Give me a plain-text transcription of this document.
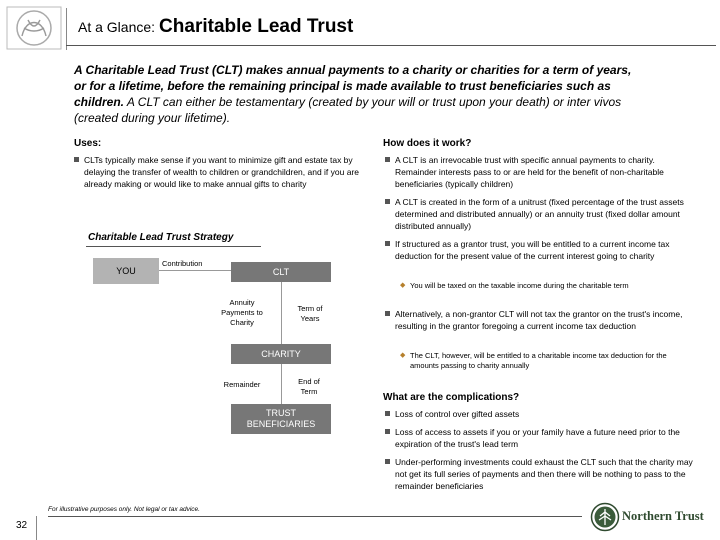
At a Glance: Charitable Lead Trust
A Charitable Lead Trust (CLT) makes annual payments to a charity or charities for a term of years, or for a lifetime, before the remaining principal is made available to trust beneficiaries such as children. A CLT can either be testamentary (created by your will or trust upon your death) or inter vivos (created during your lifetime).
Uses:
CLTs typically make sense if you want to minimize gift and estate tax by delaying the transfer of wealth to children or grandchildren, and if you are already making or would like to make annual gifts to charity
Charitable Lead Trust Strategy
YOU
Contribution
CLT
Annuity Payments to Charity
Term of Years
CHARITY
Remainder	End of Term
TRUST BENEFICIARIES
How does it work?
A CLT is an irrevocable trust with specific annual payments to charity. Remainder interests pass to or are held for the benefit of non-charitable beneficiaries (typically children)
A CLT is created in the form of a unitrust (fixed percentage of the trust assets determined and distributed annually) or an annuity trust (fixed dollar amount distributed annually)
If structured as a grantor trust, you will be entitled to a current income tax deduction for the present value of the current interest going to charity
◆ You will be taxed on the taxable income during the charitable term
Alternatively, a non-grantor CLT will not tax the grantor on the trust's income, resulting in the grantor foregoing a current income tax deduction
◆ The CLT, however, will be entitled to a charitable income tax deduction for the amounts passing to charity annually
What are the complications?
Loss of control over gifted assets
Loss of access to assets if you or your family have a future need prior to the expiration of the trust's lead term
Under-performing investments could exhaust the CLT such that the charity may not get its full series of payments and then there will be nothing to pass to the remainder beneficiaries
For illustrative purposes only. Not legal or tax advice.
32
Northern Trust
